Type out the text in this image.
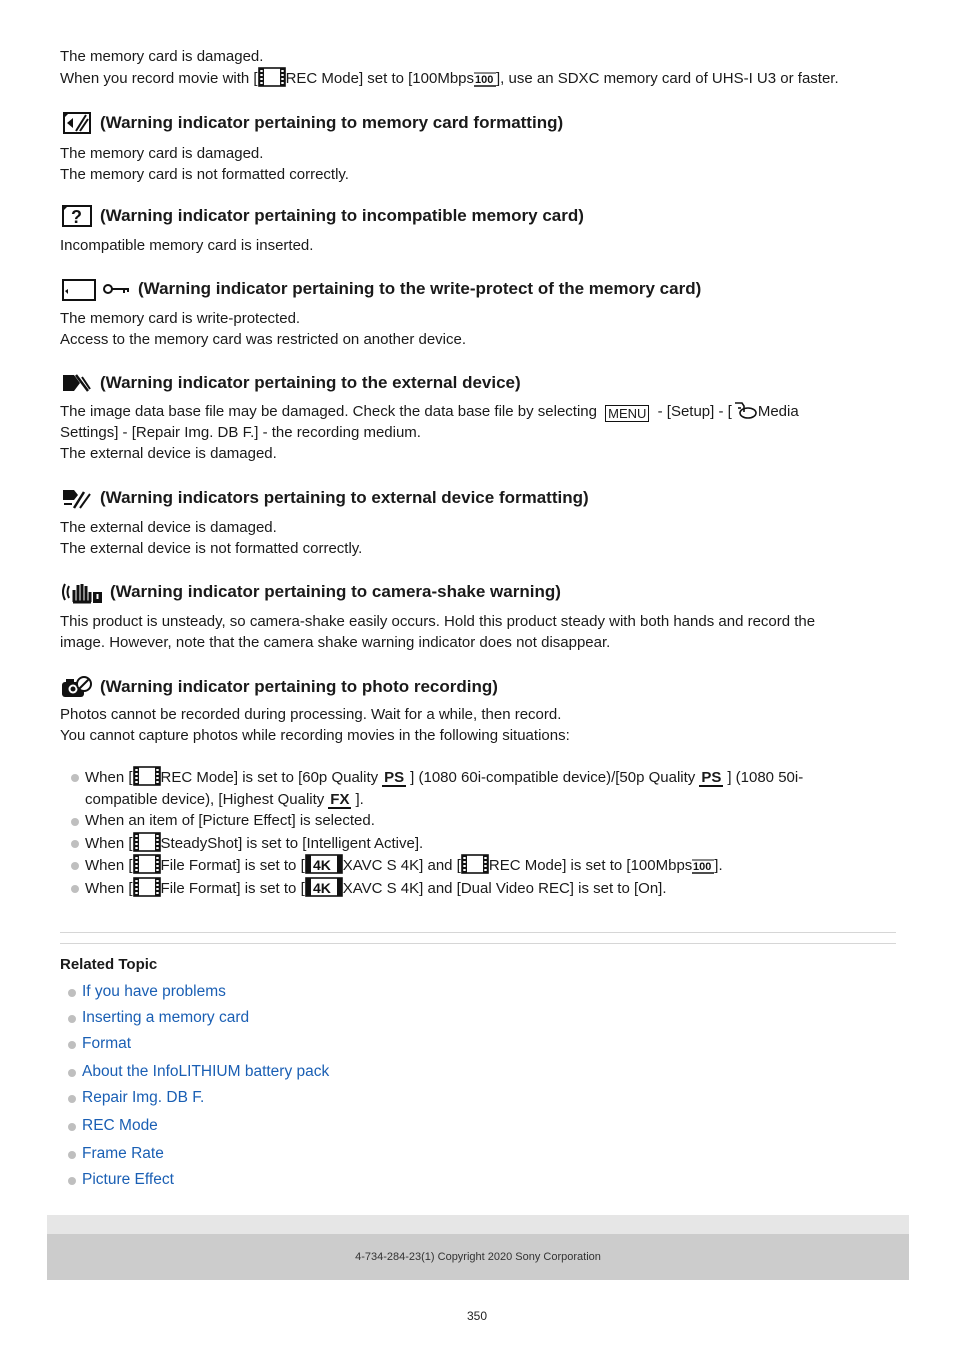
The memory card is damaged.

When you record movie with [ REC Mode] set to [100Mbps ], use an SDXC memory card of UHS-I U3 or faster.

(Warning indicator pertaining to memory card formatting)

The memory card is damaged.

The memory card is not formatted correctly.

? (Warning indicator pertaining to incompatible memory card)

Incompatible memory card is inserted.

(Warning indicator pertaining to the write-protect of the memory card)

The memory card is write-protected.

Access to the memory card was restricted on another device.

(Warning indicator pertaining to the external device)

The image data base file may be damaged. Check the data base file by selecting MENU - [Setup] - [ Media

Settings] - [Repair Img. DB F.] - the recording medium.

The external device is damaged.

(Warning indicators pertaining to external device formatting)

The external device is damaged.

The external device is not formatted correctly.

(Warning indicator pertaining to camera-shake warning)

This product is unsteady, so camera-shake easily occurs. Hold this product steady with both hands and record the

image. However, note that the camera shake warning indicator does not disappear.

(Warning indicator pertaining to photo recording)

Photos cannot be recorded during processing. Wait for a while, then record.

You cannot capture photos while recording movies in the following situations:

When [ REC Mode] is set to [60p Quality PS ] (1080 60i-compatible device)/[50p Quality PS ] (1080 50i-
compatible device), [Highest Quality FX ].
When an item of [Picture Effect] is selected.
When [ SteadyShot] is set to [Intelligent Active].
When [ File Format] is set to [	XAVC S 4K] and [ REC Mode] is set to [100Mbps ].
When [ File Format] is set to [	XAVC S 4K] and [Dual Video REC] is set to [On].
Related Topic
If you have problems
Inserting a memory card
Format
About the InfoLITHIUM battery pack
Repair Img. DB F.
REC Mode
Frame Rate
Picture Effect
4-734-284-23(1) Copyright 2020 Sony Corporation
350
